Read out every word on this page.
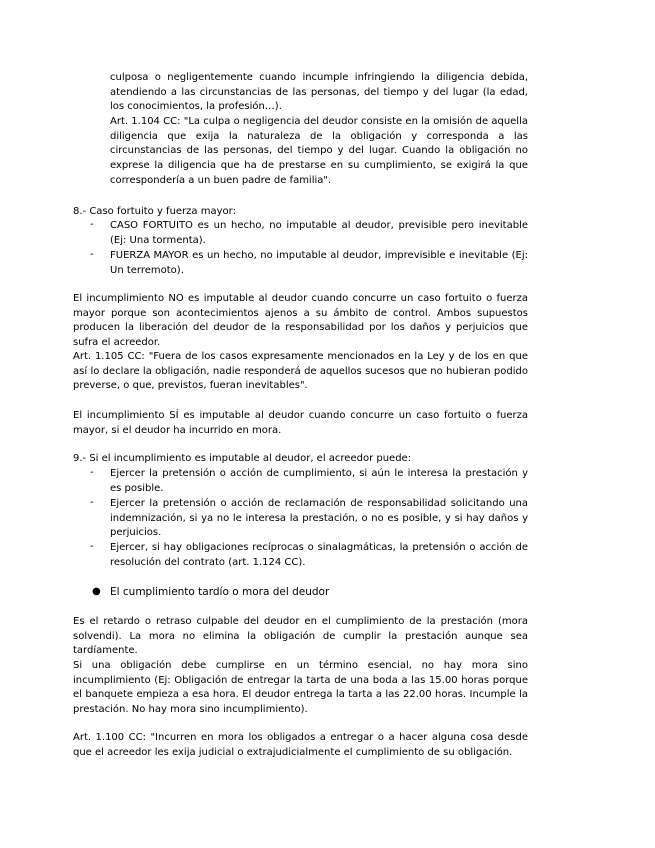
culposa o negligentemente cuando incumple infringiendo la diligencia debida, atendiendo a las circunstancias de las personas, del tiempo y del lugar (la edad, los conocimientos, la profesión…).
Art. 1.104 CC: "La culpa o negligencia del deudor consiste en la omisión de aquella diligencia que exija la naturaleza de la obligación y corresponda a las circunstancias de las personas, del tiempo y del lugar. Cuando la obligación no exprese la diligencia que ha de prestarse en su cumplimiento, se exigirá la que correspondería a un buen padre de familia".
8.- Caso fortuito y fuerza mayor:
- CASO FORTUITO es un hecho, no imputable al deudor, previsible pero inevitable (Ej: Una tormenta).
- FUERZA MAYOR es un hecho, no imputable al deudor, imprevisible e inevitable (Ej: Un terremoto).
El incumplimiento NO es imputable al deudor cuando concurre un caso fortuito o fuerza mayor porque son acontecimientos ajenos a su ámbito de control. Ambos supuestos producen la liberación del deudor de la responsabilidad por los daños y perjuicios que sufra el acreedor.
Art. 1.105 CC: "Fuera de los casos expresamente mencionados en la Ley y de los en que así lo declare la obligación, nadie responderá de aquellos sucesos que no hubieran podido preverse, o que, previstos, fueran inevitables".
El incumplimiento SÍ es imputable al deudor cuando concurre un caso fortuito o fuerza mayor, si el deudor ha incurrido en mora.
9.- Si el incumplimiento es imputable al deudor, el acreedor puede:
- Ejercer la pretensión o acción de cumplimiento, si aún le interesa la prestación y es posible.
- Ejercer la pretensión o acción de reclamación de responsabilidad solicitando una indemnización, si ya no le interesa la prestación, o no es posible, y si hay daños y perjuicios.
- Ejercer, si hay obligaciones recíprocas o sinalagmáticas, la pretensión o acción de resolución del contrato (art. 1.124 CC).
● El cumplimiento tardío o mora del deudor
Es el retardo o retraso culpable del deudor en el cumplimiento de la prestación (mora solvendi). La mora no elimina la obligación de cumplir la prestación aunque sea tardíamente.
Si una obligación debe cumplirse en un término esencial, no hay mora sino incumplimiento (Ej: Obligación de entregar la tarta de una boda a las 15.00 horas porque el banquete empieza a esa hora. El deudor entrega la tarta a las 22.00 horas. Incumple la prestación. No hay mora sino incumplimiento).
Art. 1.100 CC: "Incurren en mora los obligados a entregar o a hacer alguna cosa desde que el acreedor les exija judicial o extrajudicialmente el cumplimiento de su obligación.
